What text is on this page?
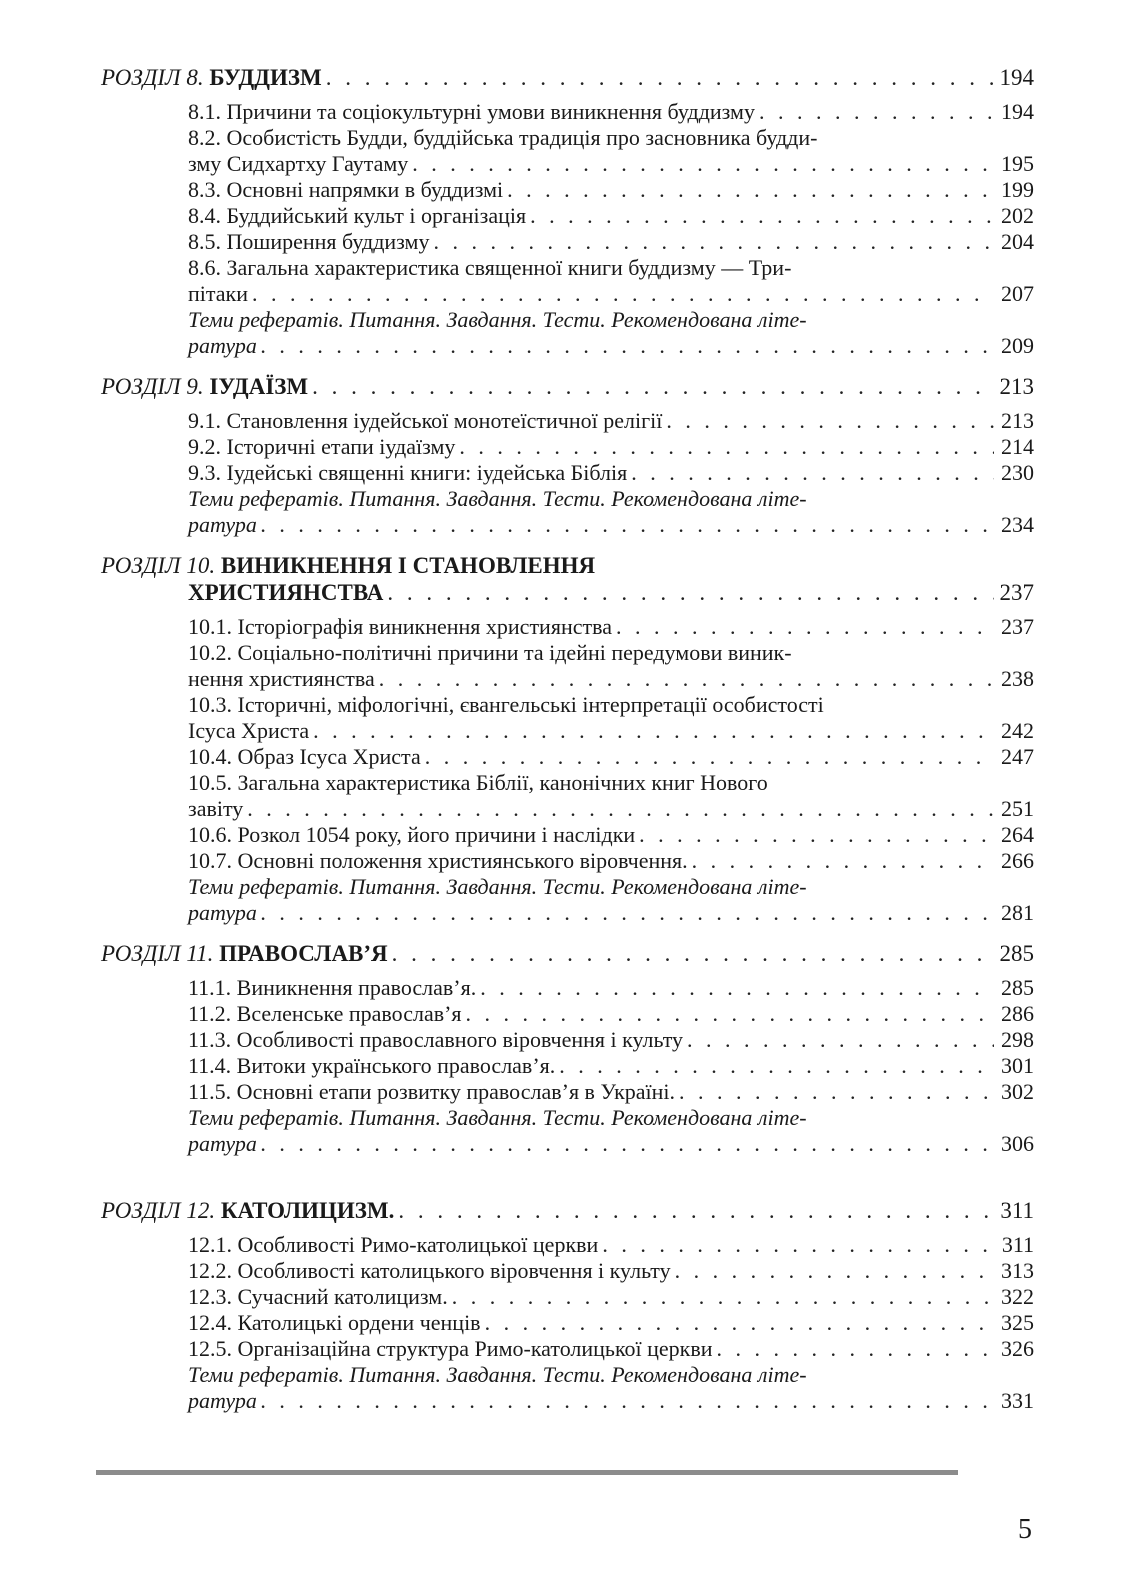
РОЗДІЛ 8. БУДДИЗМ . . .	194
8.1. Причини та соціокультурні умови виникнення буддизму . . .	194
8.2. Особистість Будди, буддійська традиція про засновника будди-
зму Сидхартху Гаутаму . . .	195
8.3. Основні напрямки в буддизмі . . .	199
8.4. Буддийський культ і організація . . .	202
8.5. Поширення буддизму . . .	204
8.6. Загальна характеристика священної книги буддизму — Три-
пітаки . . .	207
Теми рефератів. Питання. Завдання. Тести. Рекомендована літе-
ратура . . .	209
РОЗДІЛ 9. ІУДАЇЗМ . . .	213
9.1. Становлення іудейської монотеїстичної релігії . . .	213
9.2. Історичні етапи іудаїзму . . .	214
9.3. Іудейські священні книги: іудейська Біблія . . .	230
Теми рефератів. Питання. Завдання. Тести. Рекомендована літе-
ратура . . .	234
РОЗДІЛ 10. ВИНИКНЕННЯ І СТАНОВЛЕННЯ
ХРИСТИЯНСТВА . . .	237
10.1. Історіографія виникнення християнства . . .	237
10.2. Соціально-політичні причини та ідейні передумови виник-
нення християнства . . .	238
10.3. Історичні, міфологічні, євангельські інтерпретації особистості
Ісуса Христа . . .	242
10.4. Образ Ісуса Христа . . .	247
10.5. Загальна характеристика Біблії, канонічних книг Нового
завіту . . .	251
10.6. Розкол 1054 року, його причини і наслідки . . .	264
10.7. Основні положення християнського віровчення. . . .	266
Теми рефератів. Питання. Завдання. Тести. Рекомендована літе-
ратура . . .	281
РОЗДІЛ 11. ПРАВОСЛАВ’Я . . .	285
11.1. Виникнення православ’я. . . .	285
11.2. Вселенське православ’я . . .	286
11.3. Особливості православного віровчення і культу . . .	298
11.4. Витоки українського православ’я. . . .	301
11.5. Основні етапи розвитку православ’я в Україні. . . .	302
Теми рефератів. Питання. Завдання. Тести. Рекомендована літе-
ратура . . .	306
РОЗДІЛ 12. КАТОЛИЦИЗМ. . . .	311
12.1. Особливості Римо-католицької церкви . . .	311
12.2. Особливості католицького віровчення і культу . . .	313
12.3. Сучасний католицизм. . . .	322
12.4. Католицькі ордени ченців . . .	325
12.5. Організаційна структура Римо-католицької церкви . . .	326
Теми рефератів. Питання. Завдання. Тести. Рекомендована літе-
ратура . . .	331
5
